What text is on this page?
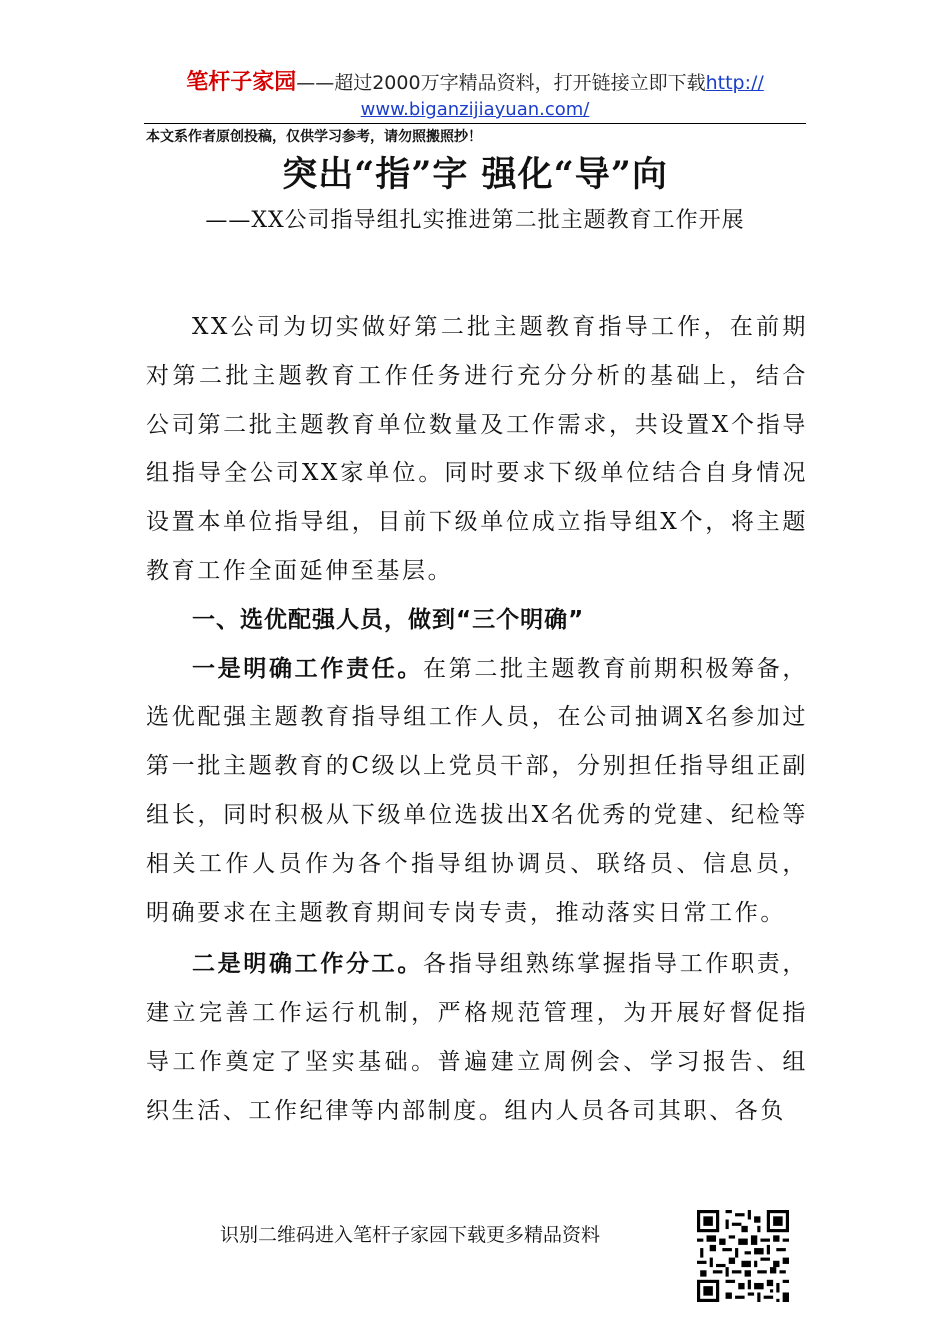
笔杆子家园——超过2000万字精品资料，打开链接立即下载http://
www.biganzijiayuan.com/
本文系作者原创投稿，仅供学习参考，请勿照搬照抄！
突出“指”字 强化“导”向
——XX公司指导组扎实推进第二批主题教育工作开展

XX公司为切实做好第二批主题教育指导工作，在前期对第二批主题教育工作任务进行充分分析的基础上，结合公司第二批主题教育单位数量及工作需求，共设置X个指导组指导全公司XX家单位。同时要求下级单位结合自身情况设置本单位指导组，目前下级单位成立指导组X个，将主题教育工作全面延伸至基层。

一、选优配强人员，做到“三个明确”

一是明确工作责任。在第二批主题教育前期积极筹备，选优配强主题教育指导组工作人员，在公司抽调X名参加过第一批主题教育的C级以上党员干部，分别担任指导组正副组长，同时积极从下级单位选拔出X名优秀的党建、纪检等相关工作人员作为各个指导组协调员、联络员、信息员，明确要求在主题教育期间专岗专责，推动落实日常工作。

二是明确工作分工。各指导组熟练掌握指导工作职责，建立完善工作运行机制，严格规范管理，为开展好督促指导工作奠定了坚实基础。普遍建立周例会、学习报告、组织生活、工作纪律等内部制度。组内人员各司其职、各负

识别二维码进入笔杆子家园下载更多精品资料
